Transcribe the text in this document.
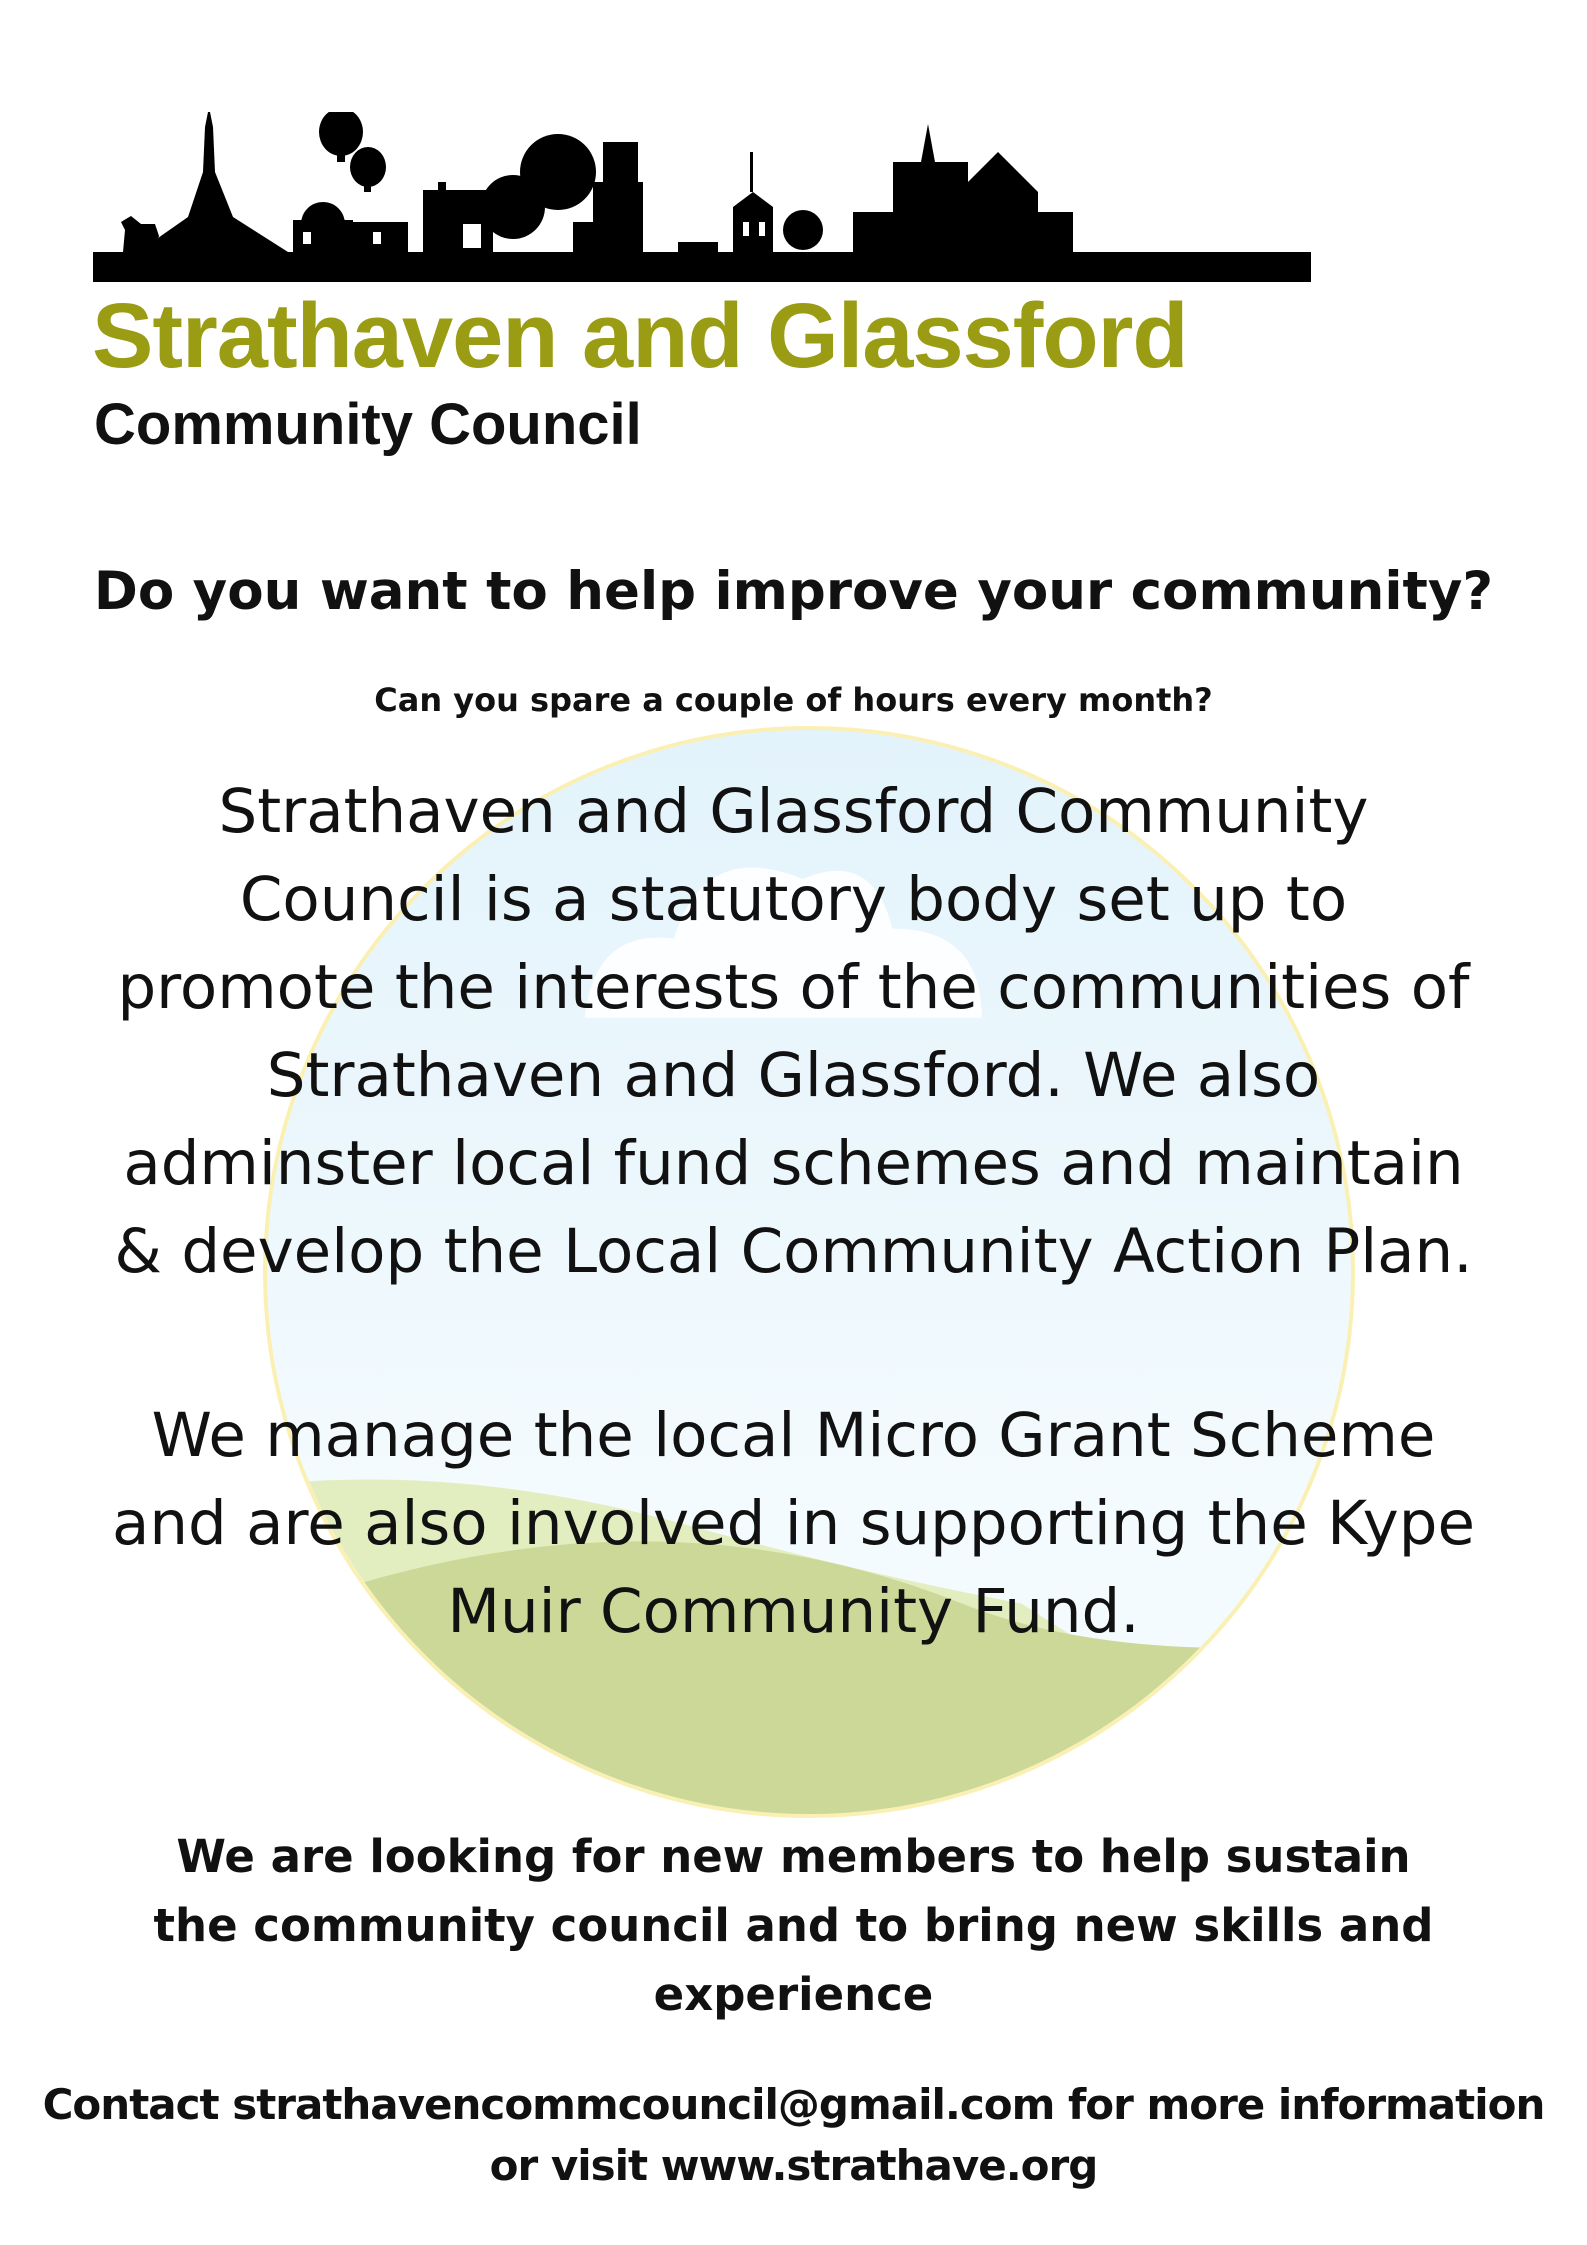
Strathaven and Glassford
Community Council
Do you want to help improve your community?
Can you spare a couple of hours every month?
Strathaven and Glassford Community Council is a statutory body set up to promote the interests of the communities of Strathaven and Glassford. We also adminster local fund schemes and maintain & develop the Local Community Action Plan.
We manage the local Micro Grant Scheme and are also involved in supporting the Kype Muir Community Fund.
We are looking for new members to help sustain the community council and to bring new skills and experience
Contact strathavencommcouncil@gmail.com for more information
or visit www.strathave.org
